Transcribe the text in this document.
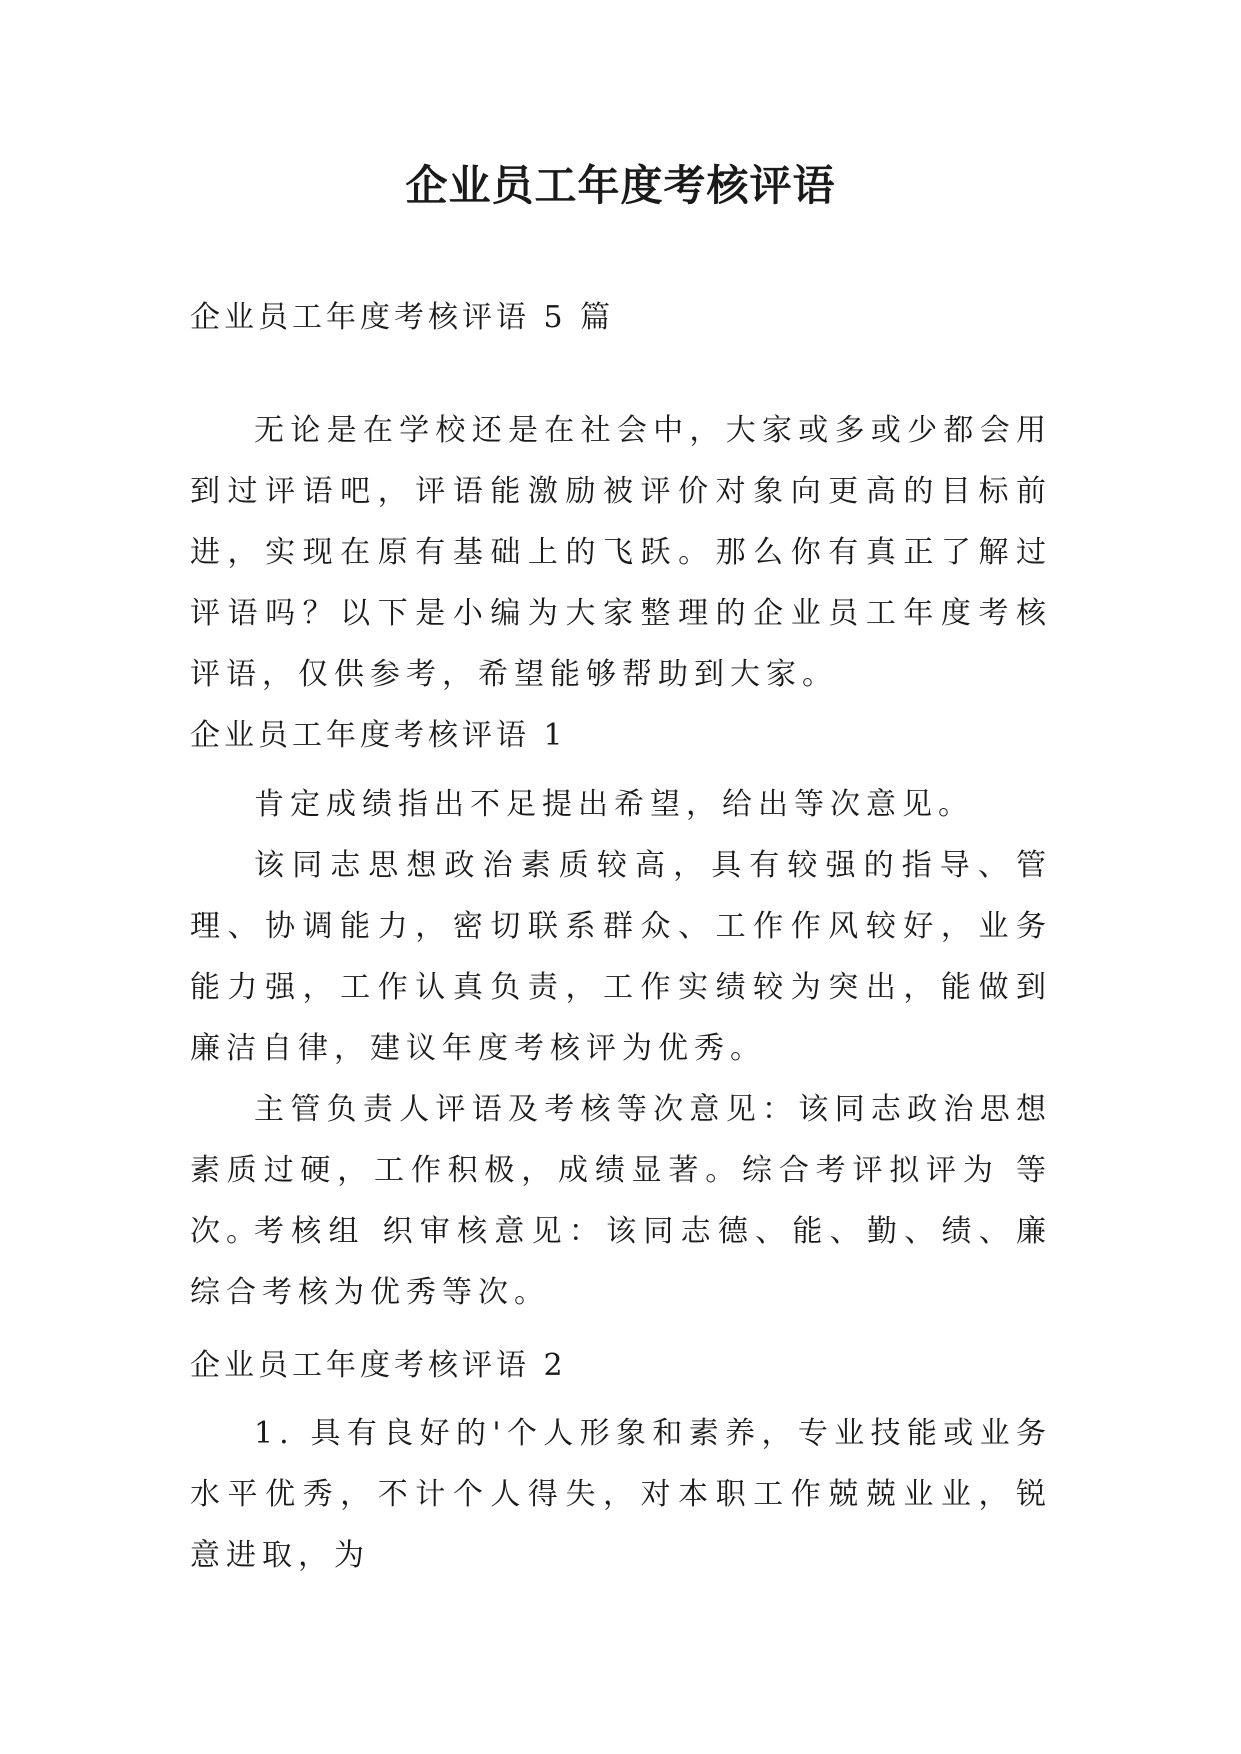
企业员工年度考核评语

企业员工年度考核评语 5 篇

无论是在学校还是在社会中，大家或多或少都会用到过评语吧，评语能激励被评价对象向更高的目标前进，实现在原有基础上的飞跃。那么你有真正了解过评语吗？以下是小编为大家整理的企业员工年度考核评语，仅供参考，希望能够帮助到大家。

企业员工年度考核评语 1

肯定成绩指出不足提出希望，给出等次意见。

该同志思想政治素质较高，具有较强的指导、管理、协调能力，密切联系群众、工作作风较好，业务能力强，工作认真负责，工作实绩较为突出，能做到廉洁自律，建议年度考核评为优秀。

主管负责人评语及考核等次意见：该同志政治思想素质过硬，工作积极，成绩显著。综合考评拟评为 等次。

考核组 织审核意见：该同志德、能、勤、绩、廉综合考核为优秀等次。

企业员工年度考核评语 2

1. 具有良好的'个人形象和素养，专业技能或业务水平优秀，不计个人得失，对本职工作兢兢业业，锐意进取，为
